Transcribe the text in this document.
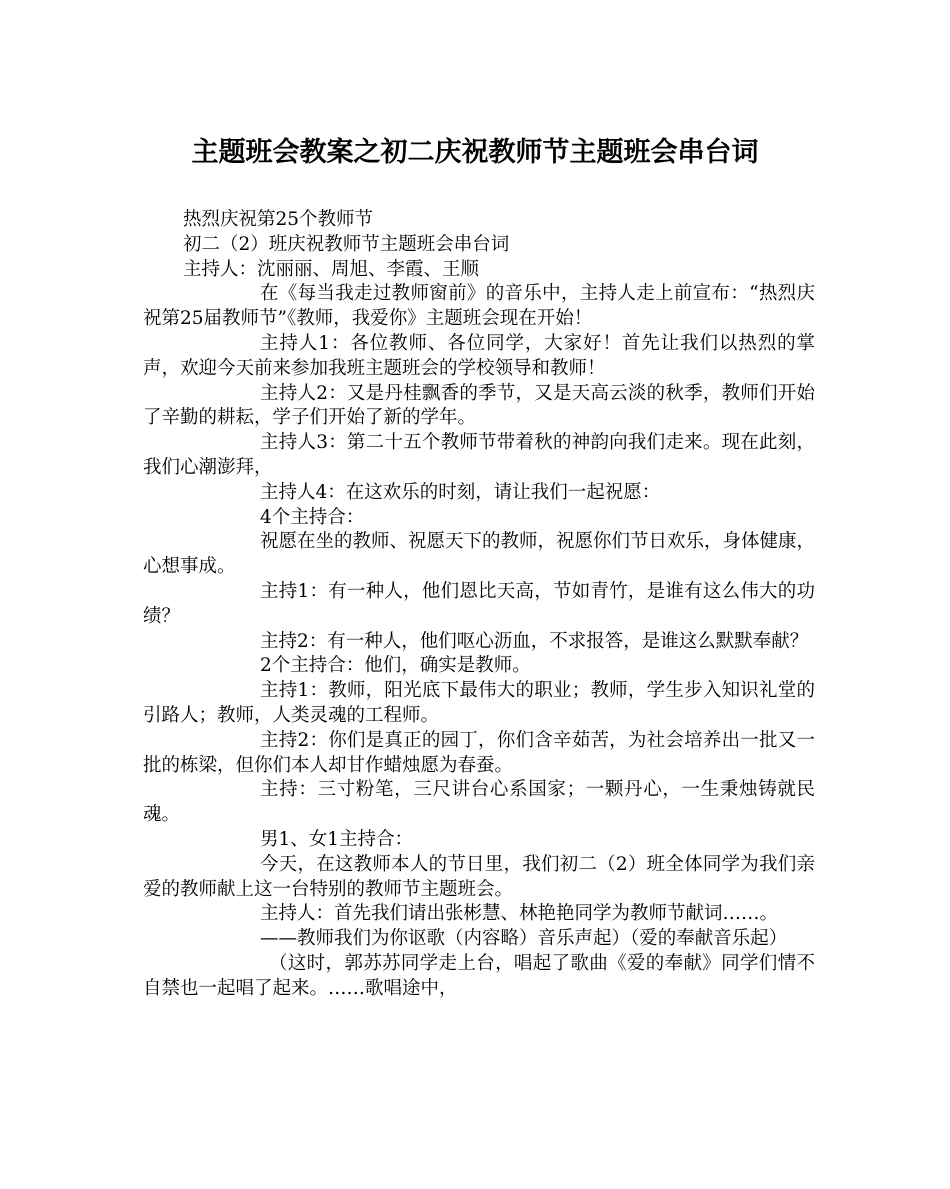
主题班会教案之初二庆祝教师节主题班会串台词

热烈庆祝第25个教师节

初二（2）班庆祝教师节主题班会串台词

主持人：沈丽丽、周旭、李霞、王顺

在《每当我走过教师窗前》的音乐中，主持人走上前宣布：“热烈庆祝第25届教师节”《教师，我爱你》主题班会现在开始！

主持人1：各位教师、各位同学，大家好！首先让我们以热烈的掌声，欢迎今天前来参加我班主题班会的学校领导和教师！

主持人2：又是丹桂飘香的季节，又是天高云淡的秋季，教师们开始了辛勤的耕耘，学子们开始了新的学年。

主持人3：第二十五个教师节带着秋的神韵向我们走来。现在此刻，我们心潮澎拜，

主持人4：在这欢乐的时刻，请让我们一起祝愿：

4个主持合：

祝愿在坐的教师、祝愿天下的教师，祝愿你们节日欢乐，身体健康，心想事成。

主持1：有一种人，他们恩比天高，节如青竹，是谁有这么伟大的功绩？

主持2：有一种人，他们呕心沥血，不求报答，是谁这么默默奉献？

2个主持合：他们，确实是教师。

主持1：教师，阳光底下最伟大的职业；教师，学生步入知识礼堂的引路人；教师，人类灵魂的工程师。

主持2：你们是真正的园丁，你们含辛茹苦，为社会培养出一批又一批的栋梁，但你们本人却甘作蜡烛愿为春蚕。

主持：三寸粉笔，三尺讲台心系国家；一颗丹心，一生秉烛铸就民魂。

男1、女1主持合：

今天，在这教师本人的节日里，我们初二（2）班全体同学为我们亲爱的教师献上这一台特别的教师节主题班会。

主持人：首先我们请出张彬慧、林艳艳同学为教师节献词……。

——教师我们为你讴歌（内容略）音乐声起）（爱的奉献音乐起）

（这时，郭苏苏同学走上台，唱起了歌曲《爱的奉献》同学们情不自禁也一起唱了起来。……歌唱途中，
